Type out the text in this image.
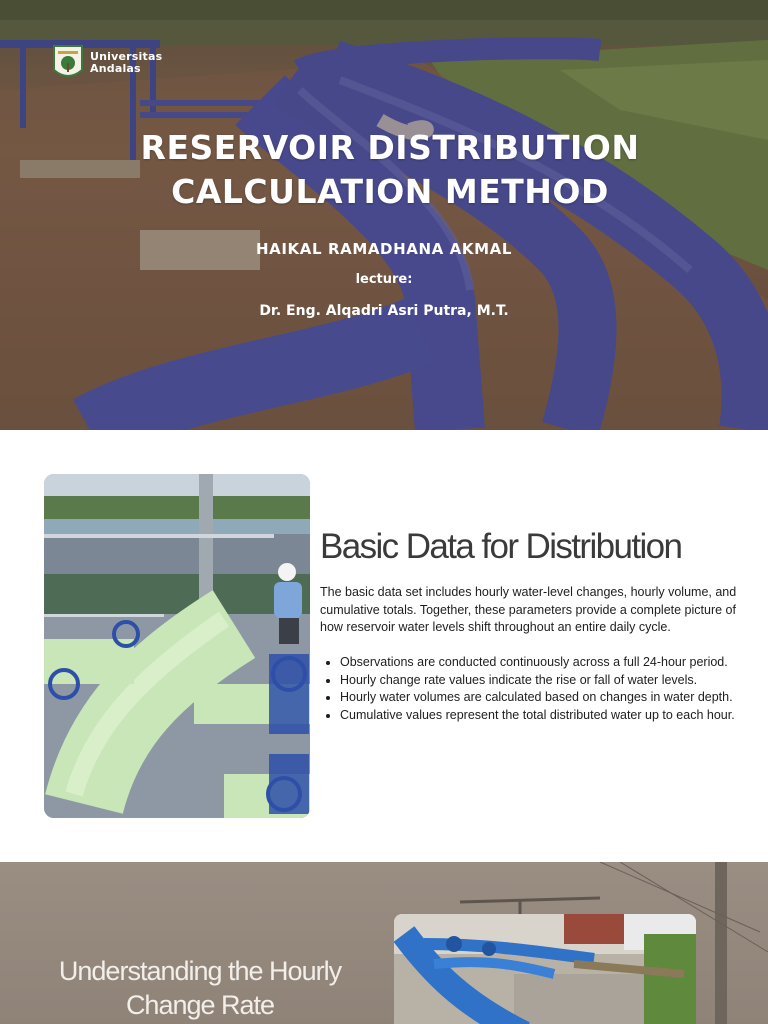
Universitas
Andalas
RESERVOIR DISTRIBUTION
CALCULATION METHOD
HAIKAL RAMADHANA AKMAL
lecture:
Dr. Eng. Alqadri Asri Putra, M.T.
Basic Data for Distribution
The basic data set includes hourly water-level changes, hourly volume, and cumulative totals. Together, these parameters provide a complete picture of how reservoir water levels shift throughout an entire daily cycle.
• Observations are conducted continuously across a full 24-hour period.
• Hourly change rate values indicate the rise or fall of water levels.
• Hourly water volumes are calculated based on changes in water depth.
• Cumulative values represent the total distributed water up to each hour.
Understanding the Hourly
Change Rate
